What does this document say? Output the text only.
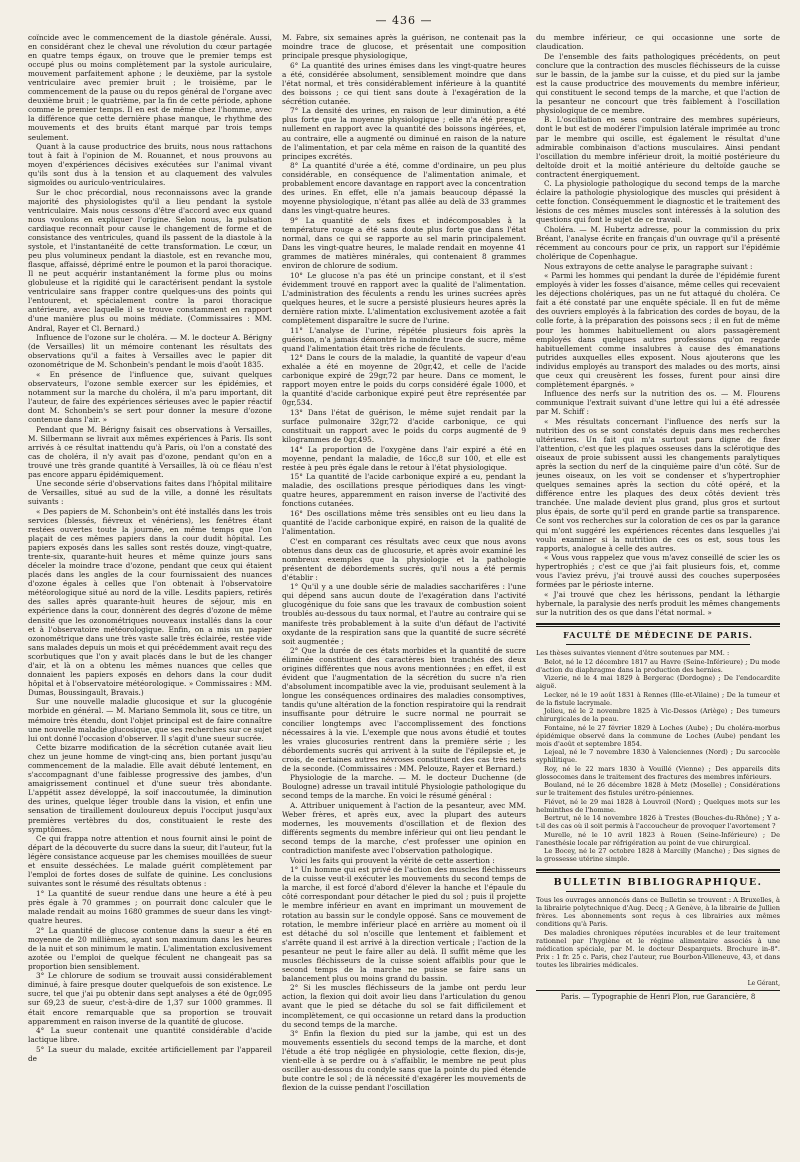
— 436 —

coïncide avec le commencement de la diastole générale. Aussi, en considérant chez le cheval une révolution du cœur partagée en quatre temps égaux, on trouve que le premier temps est occupé plus ou moins complètement par la systole auriculaire, mouvement parfaitement aphone ; le deuxième, par la systole ventriculaire avec premier bruit ; le troisième, par le commencement de la pause ou du repos général de l'organe avec deuxième bruit ; le quatrième, par la fin de cette période, aphone comme le premier temps. Il en est de même chez l'homme, avec la différence que cette dernière phase manque, le rhythme des mouvements et des bruits étant marqué par trois temps seulement.

Quant à la cause productrice des bruits, nous nous rattachons tout à fait à l'opinion de M. Rouannet, et nous prouvons au moyen d'expériences décisives exécutées sur l'animal vivant qu'ils sont dus à la tension et au claquement des valvules sigmoïdes ou auriculo-ventriculaires.

Sur le choc précordial, nous reconnaissons avec la grande majorité des physiologistes qu'il a lieu pendant la systole ventriculaire. Mais nous cessons d'être d'accord avec eux quand nous voulons en expliquer l'origine. Selon nous, la pulsation cardiaque reconnaît pour cause le changement de forme et de consistance des ventricules, quand ils passent de la diastole à la systole, et l'instantanéité de cette transformation. Le cœur, un peu plus volumineux pendant la diastole, est en revanche mou, flasque, affaissé, déprimé entre le poumon et la paroi thoracique. Il ne peut acquérir instantanément la forme plus ou moins globuleuse et la rigidité qui le caractérisent pendant la systole ventriculaire sans frapper contre quelques-uns des points qui l'entourent, et spécialement contre la paroi thoracique antérieure, avec laquelle il se trouve constamment en rapport d'une manière plus ou moins médiate. (Commissaires : MM. Andral, Rayer et Cl. Bernard.)

Influence de l'ozone sur le choléra. — M. le docteur A. Bérigny (de Versailles) lit un mémoire contenant les résultats des observations qu'il a faites à Versailles avec le papier dit ozonométrique de M. Schonbein's pendant le mois d'août 1835.

« En présence de l'influence que, suivant quelques observateurs, l'ozone semble exercer sur les épidémies, et notamment sur la marche du choléra, il m'a paru important, dit l'auteur, de faire des expériences sérieuses avec le papier réactif dont M. Schonbein's se sert pour donner la mesure d'ozone contenue dans l'air. »

Pendant que M. Bérigny faisait ces observations à Versailles, M. Silbermann se livrait aux mêmes expériences à Paris. Ils sont arrivés à ce résultat inattendu qu'à Paris, où l'on a constaté des cas de choléra, il n'y avait pas d'ozone, pendant qu'on en a trouvé une très grande quantité à Versailles, là où ce fléau n'est pas encore apparu épidémiquement.

Une seconde série d'observations faites dans l'hôpital militaire de Versailles, situé au sud de la ville, a donné les résultats suivants :

« Des papiers de M. Schonbein's ont été installés dans les trois services (blessés, fiévreux et vénériens), les fenêtres étant restées ouvertes toute la journée, en même temps que l'on plaçait de ces mêmes papiers dans la cour dudit hôpital. Les papiers exposés dans les salles sont restés douze, vingt-quatre, trente-six, quarante-huit heures et même quinze jours sans déceler la moindre trace d'ozone, pendant que ceux qui étaient placés dans les angles de la cour fournissaient des nuances d'ozone égales à celles que l'on obtenait à l'observatoire météorologique situé au nord de la ville. Lesdits papiers, retirés des salles après quarante-huit heures de séjour, mis en expérience dans la cour, donnèrent des degrés d'ozone de même densité que les ozonométriques nouveaux installés dans la cour et à l'observatoire météorologique. Enfin, on a mis un papier ozonométrique dans une très vaste salle très éclairée, restée vide sans malades depuis un mois et qui précédemment avait reçu des scorbutiques que l'on y avait placés dans le but de les changer d'air, et là on a obtenu les mêmes nuances que celles que donnaient les papiers exposés en dehors dans la cour dudit hôpital et à l'observatoire météorologique. » Commissaires : MM. Dumas, Boussingault, Bravais.)

Sur une nouvelle maladie glucosique et sur la glucogénie morbide en général. — M. Mariano Semmola lit, sous ce titre, un mémoire très étendu, dont l'objet principal est de faire connaître une nouvelle maladie glucosique, que ses recherches sur ce sujet lui ont donné l'occasion d'observer. Il s'agit d'une sueur sucrée.

Cette bizarre modification de la sécrétion cutanée avait lieu chez un jeune homme de vingt-cinq ans, bien portant jusqu'au commencement de la maladie. Elle avait débuté lentement, en s'accompagnant d'une faiblesse progressive des jambes, d'un amaigrissement continuel et d'une sueur très abondante. L'appétit assez développé, la soif inaccoutumée, la diminution des urines, quelque léger trouble dans la vision, et enfin une sensation de tiraillement douloureux depuis l'occiput jusqu'aux premières vertèbres du dos, constituaient le reste des symptômes.

Ce qui frappa notre attention et nous fournit ainsi le point de départ de la découverte du sucre dans la sueur, dit l'auteur, fut la légère consistance acqueuse par les chemises mouillées de sueur et ensuite desséchées. Le malade guérit complètement par l'emploi de fortes doses de sulfate de quinine. Les conclusions suivantes sont le résumé des résultats obtenus :

1° La quantité de sueur rendue dans une heure a été à peu près égale à 70 grammes ; on pourrait donc calculer que le malade rendait au moins 1680 grammes de sueur dans les vingt-quatre heures.

2° La quantité de glucose contenue dans la sueur a été en moyenne de 20 millièmes, ayant son maximum dans les heures de la nuit et son minimum le matin. L'alimentation exclusivement azotée ou l'emploi de quelque féculent ne changeait pas sa proportion bien sensiblement.

3° Le chlorure de sodium se trouvait aussi considérablement diminué, à faire presque douter quelquefois de son existence. Le sucre, tel que j'ai pu obtenir dans sept analyses a été de 0gr,095 sur 69,23 de sueur, c'est-à-dire de 1,37 sur 1000 grammes. Il était encore remarquable que sa proportion se trouvait apparemment en raison inverse de la quantité de glucose.

4° La sueur contenait une quantité considérable d'acide lactique libre.

5° La sueur du malade, excitée artificiellement par l'appareil de

M. Fabre, six semaines après la guérison, ne contenait pas la moindre trace de glucose, et présentait une composition principale presque physiologique,

6° La quantité des urines émises dans les vingt-quatre heures a été, considérée absolument, sensiblement moindre que dans l'état normal, et très considérablement inférieure à la quantité des boissons ; ce qui tient sans doute à l'exagération de la sécrétion cutanée.

7° La densité des urines, en raison de leur diminution, a été plus forte que la moyenne physiologique ; elle n'a été presque nullement en rapport avec la quantité des boissons ingérées, et, au contraire, elle a augmenté ou diminué en raison de la nature de l'alimentation, et par cela même en raison de la quantité des principes excrétés.

8° La quantité d'urée a été, comme d'ordinaire, un peu plus considérable, en conséquence de l'alimentation animale, et probablement encore davantage en rapport avec la concentration des urines. En effet, elle n'a jamais beaucoup dépassé la moyenne physiologique, n'étant pas allée au delà de 33 grammes dans les vingt-quatre heures.

9° La quantité de sels fixes et indécomposables à la température rouge a été sans doute plus forte que dans l'état normal, dans ce qui se rapporte au sel marin principalement. Dans les vingt-quatre heures, le malade rendait en moyenne 41 grammes de matières minérales, qui contenaient 8 grammes environ de chlorure de sodium.

10° Le glucose n'a pas été un principe constant, et il s'est évidemment trouvé en rapport avec la qualité de l'alimentation. L'administration des féculents a rendu les urines sucrées après quelques heures, et le sucre a persisté plusieurs heures après la dernière ration mixte. L'alimentation exclusivement azotée a fait complètement disparaître le sucre de l'urine.

11° L'analyse de l'urine, répétée plusieurs fois après la guérison, n'a jamais démontré la moindre trace de sucre, même quand l'alimentation était très riche de féculents.

12° Dans le cours de la maladie, la quantité de vapeur d'eau exhalée a été en moyenne de 20gr,42, et celle de l'acide carbonique expiré de 29gr,72 par heure. Dans ce moment, le rapport moyen entre le poids du corps considéré égale 1000, et la quantité d'acide carbonique expiré peut être représentée par 0gr,534.

13° Dans l'état de guérison, le même sujet rendait par la surface pulmonaire 32gr,72 d'acide carbonique, ce qui constituait un rapport avec le poids du corps augmenté de 9 kilogrammes de 0gr,495.

14° La proportion de l'oxygène dans l'air expiré a été en moyenne, pendant la maladie, de 16cc,8 sur 100, et elle est restée à peu près égale dans le retour à l'état physiologique.

15° La quantité de l'acide carbonique expiré a eu, pendant la maladie, des oscillations presque périodiques dans les vingt-quatre heures, apparemment en raison inverse de l'activité des fonctions cutanées.

16° Des oscillations même très sensibles ont eu lieu dans la quantité de l'acide carbonique expiré, en raison de la qualité de l'alimentation.

C'est en comparant ces résultats avec ceux que nous avons obtenus dans deux cas de glucosurie, et après avoir examiné les nombreux exemples que la physiologie et la pathologie présentent de débordements sucrés, qu'il nous a été permis d'établir :

1° Qu'il y a une double série de maladies saccharifères : l'une qui dépend sans aucun doute de l'exagération dans l'activité glucogénique du foie sans que les travaux de combustion soient troublés au-dessous du taux normal, et l'autre au contraire qui se manifeste très probablement à la suite d'un défaut de l'activité oxydante de la respiration sans que la quantité de sucre sécrété soit augmentée ;

2° Que la durée de ces états morbides et la quantité de sucre éliminée constituent des caractères bien tranchés des deux origines différentes que nous avons mentionnées ; en effet, il est évident que l'augmentation de la sécrétion du sucre n'a rien d'absolument incompatible avec la vie, produisant seulement à la longue les conséquences ordinaires des maladies consomptives, tandis qu'une altération de la fonction respiratoire qui la rendrait insuffisante pour détruire le sucre normal ne pourrait se concilier longtemps avec l'accomplissement des fonctions nécessaires à la vie. L'exemple que nous avons étudié et toutes les vraies glucosuries rentrent dans la première série ; les débordements sucrés qui arrivent à la suite de l'épilepsie et, je crois, de certaines autres névroses constituent des cas très nets de la seconde. (Commissaires : MM. Pelouze, Rayer et Bernard.)

Physiologie de la marche. — M. le docteur Duchenne (de Boulogne) adresse un travail intitulé Physiologie pathologique du second temps de la marche. En voici le résumé général :

A. Attribuer uniquement à l'action de la pesanteur, avec MM. Weber frères, et après eux, avec la plupart des auteurs modernes, les mouvements d'oscillation et de flexion des différents segments du membre inférieur qui ont lieu pendant le second temps de la marche, c'est professer une opinion en contradiction manifeste avec l'observation pathologique.

Voici les faits qui prouvent la vérité de cette assertion :

1° Un homme qui est privé de l'action des muscles fléchisseurs de la cuisse veut-il exécuter les mouvements du second temps de la marche, il est forcé d'abord d'élever la hanche et l'épaule du côté correspondant pour détacher le pied du sol ; puis il projette le membre inférieur en avant en imprimant un mouvement de rotation au bassin sur le condyle opposé. Sans ce mouvement de rotation, le membre inférieur placé en arrière au moment où il est détaché du sol n'oscille que lentement et faiblement et s'arrête quand il est arrivé à la direction verticale ; l'action de la pesanteur ne peut le faire aller au delà. Il suffit même que les muscles fléchisseurs de la cuisse soient affaiblis pour que le second temps de la marche ne puisse se faire sans un balancement plus ou moins grand du bassin.

2° Si les muscles fléchisseurs de la jambe ont perdu leur action, la flexion qui doit avoir lieu dans l'articulation du genou avant que le pied se détache du sol se fait difficilement et incomplètement, ce qui occasionne un retard dans la production du second temps de la marche.

3° Enfin la flexion du pied sur la jambe, qui est un des mouvements essentiels du second temps de la marche, et dont l'étude a été trop négligée en physiologie, cette flexion, dis-je, vient-elle à se perdre ou à s'affaiblir, le membre ne peut plus osciller au-dessous du condyle sans que la pointe du pied étende bute contre le sol ; de là nécessité d'exagérer les mouvements de flexion de la cuisse pendant l'oscillation

du membre inférieur, ce qui occasionne une sorte de claudication.

De l'ensemble des faits pathologiques précédents, on peut conclure que la contraction des muscles fléchisseurs de la cuisse sur le bassin, de la jambe sur la cuisse, et du pied sur la jambe est la cause productrice des mouvements du membre inférieur, qui constituent le second temps de la marche, et que l'action de la pesanteur ne concourt que très faiblement à l'oscillation physiologique de ce membre.

B. L'oscillation en sens contraire des membres supérieurs, dont le but est de modérer l'impulsion latérale imprimée au tronc par le membre qui oscille, est également le résultat d'une admirable combinaison d'actions musculaires. Ainsi pendant l'oscillation du membre inférieur droit, la moitié postérieure du deltoïde droit et la moitié antérieure du deltoïde gauche se contractent énergiquement.

C. La physiologie pathologique du second temps de la marche éclaire la pathologie physiologique des muscles qui président à cette fonction. Conséquemment le diagnostic et le traitement des lésions de ces mêmes muscles sont intéressés à la solution des questions qui font le sujet de ce travail.

Choléra. — M. Hubertz adresse, pour la commission du prix Bréant, l'analyse écrite en français d'un ouvrage qu'il a présenté récemment au concours pour ce prix, un rapport sur l'épidémie cholérique de Copenhague.

Nous extrayons de cette analyse le paragraphe suivant :

« Parmi les hommes qui pendant la durée de l'épidémie furent employés à vider les fosses d'aisance, même celles qui recevaient les déjections cholériques, pas un ne fut attaqué du choléra. Ce fait a été constaté par une enquête spéciale. Il en fut de même des ouvriers employés à la fabrication des cordes de boyau, de la colle forte, à la préparation des poissons secs ; il en fut de même pour les hommes habituellement ou alors passagèrement employés dans quelques autres professions qu'on regarde habituellement comme insalubres à cause des émanations putrides auxquelles elles exposent. Nous ajouterons que les individus employés au transport des malades ou des morts, ainsi que ceux qui creusèrent les fosses, furent pour ainsi dire complètement épargnés. »

Influence des nerfs sur la nutrition des os. — M. Flourens communique l'extrait suivant d'une lettre qui lui a été adressée par M. Schiff :

« Mes résultats concernant l'influence des nerfs sur la nutrition des os se sont constatés depuis dans mes recherches ultérieures. Un fait qui m'a surtout paru digne de fixer l'attention, c'est que les plaques osseuses dans la sclérotique des oiseaux de proie subissent aussi les changements paralytiques après la section du nerf de la cinquième paire d'un côté. Sur de jeunes oiseaux, on les voit se condenser et s'hypertrophier quelques semaines après la section du côté opéré, et la différence entre les plaques des deux côtés devient très tranchée. Une malade devient plus grand, plus gros et surtout plus épais, de sorte qu'il perd en grande partie sa transparence. Ce sont vos recherches sur la coloration de ces os par la garance qui m'ont suggéré les expériences récentes dans lesquelles j'ai voulu examiner si la nutrition de ces os est, sous tous les rapports, analogue à celle des autres.

« Vous vous rappelez que vous m'avez conseillé de scier les os hypertrophiés ; c'est ce que j'ai fait plusieurs fois, et, comme vous l'aviez prévu, j'ai trouvé aussi des couches superposées formées par le périoste interne.

« J'ai trouvé que chez les hérissons, pendant la léthargie hybernale, la paralysie des nerfs produit les mêmes changements sur la nutrition des os que dans l'état normal. »

FACULTÉ DE MÉDECINE DE PARIS.

Les thèses suivantes viennent d'être soutenues par MM. :

Belot, né le 12 décembre 1817 au Havre (Seine-Inférieure) ; Du mode d'action du diaphragme dans la production des hernies.

Vizerie, né le 4 mai 1829 à Bergerac (Dordogne) ; De l'endocardite aiguë.

Lecker, né le 19 août 1831 à Rennes (Ille-et-Vilaine) ; De la tumeur et de la fistule lacrymale.

Jolieu, né le 2 novembre 1825 à Vic-Dessos (Ariège) ; Des tumeurs chirurgicales de la peau.

Fontaine, né le 27 février 1829 à Loches (Aube) ; Du choléra-morbus épidémique observé dans la commune de Loches (Aube) pendant les mois d'août et septembre 1854.

Lejeal, né le 7 novembre 1830 à Valenciennes (Nord) ; Du sarcocèle syphilitique.

Roy, né le 22 mars 1830 à Vouillé (Vienne) ; Des appareils dits glossocomes dans le traitement des fractures des membres inférieurs.

Bouland, né le 26 décembre 1828 à Metz (Moselle) ; Considérations sur le traitement des fistules urétro-péniennes.

Fiévet, né le 29 mai 1828 à Louvroil (Nord) ; Quelques mots sur les helminthes de l'homme.

Bertrut, né le 14 novembre 1826 à Trestes (Bouches-du-Rhône) ; Y a-t-il des cas où il soit permis à l'accoucheur de provoquer l'avortement ?

Murelle, né le 10 avril 1823 à Rouen (Seine-Inférieure) ; De l'anesthésie locale par réfrigération au point de vue chirurgical.

Le Bocey, né le 27 octobre 1828 à Marcilly (Manche) ; Des signes de la grossesse utérine simple.

BULLETIN BIBLIOGRAPHIQUE.

Tous les ouvrages annoncés dans ce Bulletin se trouvent : A Bruxelles, à la librairie polytechnique d'Aug. Decq ; A Genève, à la librairie de Jullien frères. Les abonnements sont reçus à ces librairies aux mêmes conditions qu'à Paris.

Des maladies chroniques réputées incurables et de leur traitement rationnel par l'hygiène et le régime alimentaire associés à une médication spéciale, par M. le docteur Desparquets. Brochure in-8°. Prix : 1 fr. 25 c. Paris, chez l'auteur, rue Bourbon-Villeneuve, 43, et dans toutes les librairies médicales.

Le Gérant,
Paris. — Typographie de Henri Plon, rue Garancière, 8
